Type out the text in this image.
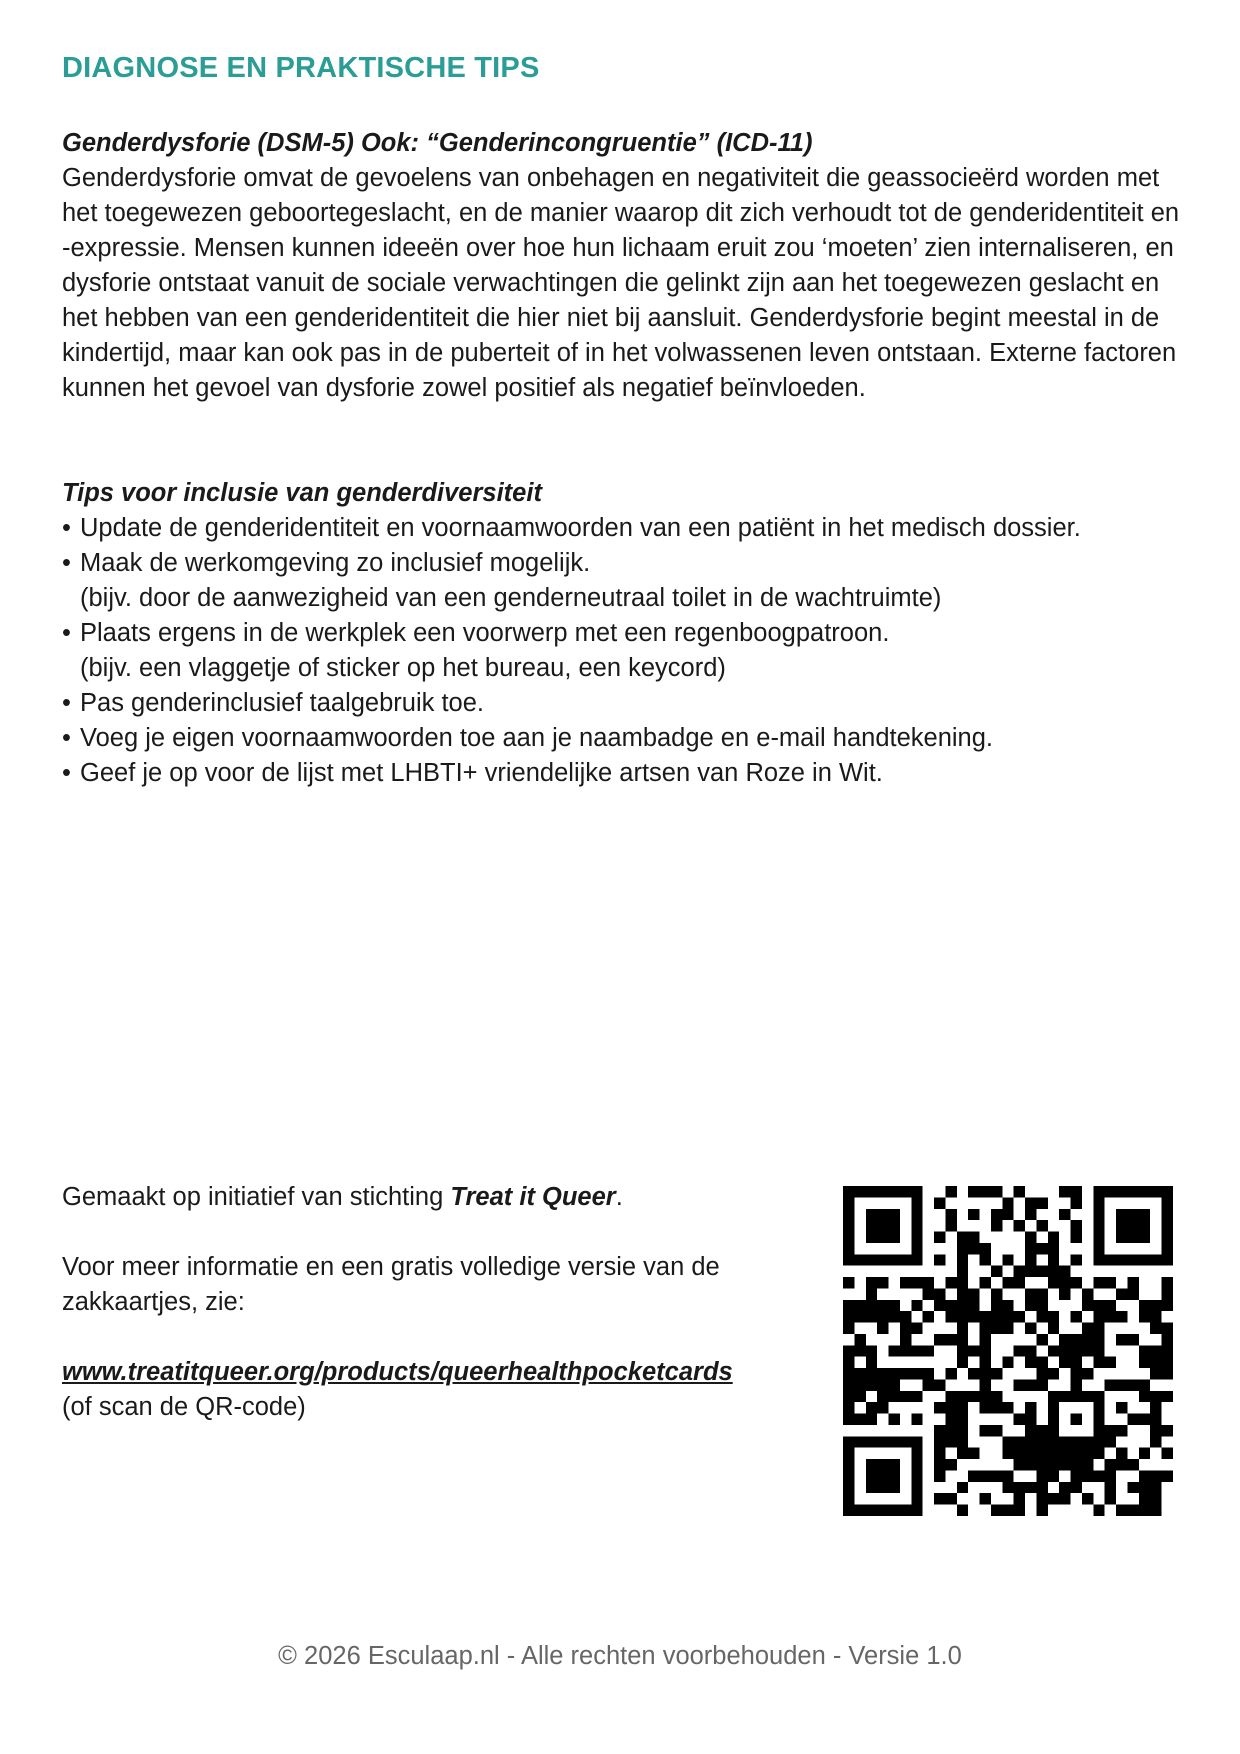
DIAGNOSE EN PRAKTISCHE TIPS

Genderdysforie (DSM-5) Ook: “Genderincongruentie” (ICD-11)

Genderdysforie omvat de gevoelens van onbehagen en negativiteit die geassocieërd worden met het toegewezen geboortegeslacht, en de manier waarop dit zich verhoudt tot de genderidentiteit en -expressie. Mensen kunnen ideeën over hoe hun lichaam eruit zou ‘moeten’ zien internaliseren, en dysforie ontstaat vanuit de sociale verwachtingen die gelinkt zijn aan het toegewezen geslacht en het hebben van een genderidentiteit die hier niet bij aansluit. Genderdysforie begint meestal in de kindertijd, maar kan ook pas in de puberteit of in het volwassenen leven ontstaan. Externe factoren kunnen het gevoel van dysforie zowel positief als negatief beïnvloeden.

Tips voor inclusie van genderdiversiteit

• Update de genderidentiteit en voornaamwoorden van een patiënt in het medisch dossier.
• Maak de werkomgeving zo inclusief mogelijk.
(bijv. door de aanwezigheid van een genderneutraal toilet in de wachtruimte)
• Plaats ergens in de werkplek een voorwerp met een regenboogpatroon.
(bijv. een vlaggetje of sticker op het bureau, een keycord)
• Pas genderinclusief taalgebruik toe.
• Voeg je eigen voornaamwoorden toe aan je naambadge en e-mail handtekening.
• Geef je op voor de lijst met LHBTI+ vriendelijke artsen van Roze in Wit.

Gemaakt op initiatief van stichting Treat it Queer.

Voor meer informatie en een gratis volledige versie van de zakkaartjes, zie:

www.treatitqueer.org/products/queerhealthpocketcards

(of scan de QR-code)

© 2026 Esculaap.nl - Alle rechten voorbehouden - Versie 1.0
